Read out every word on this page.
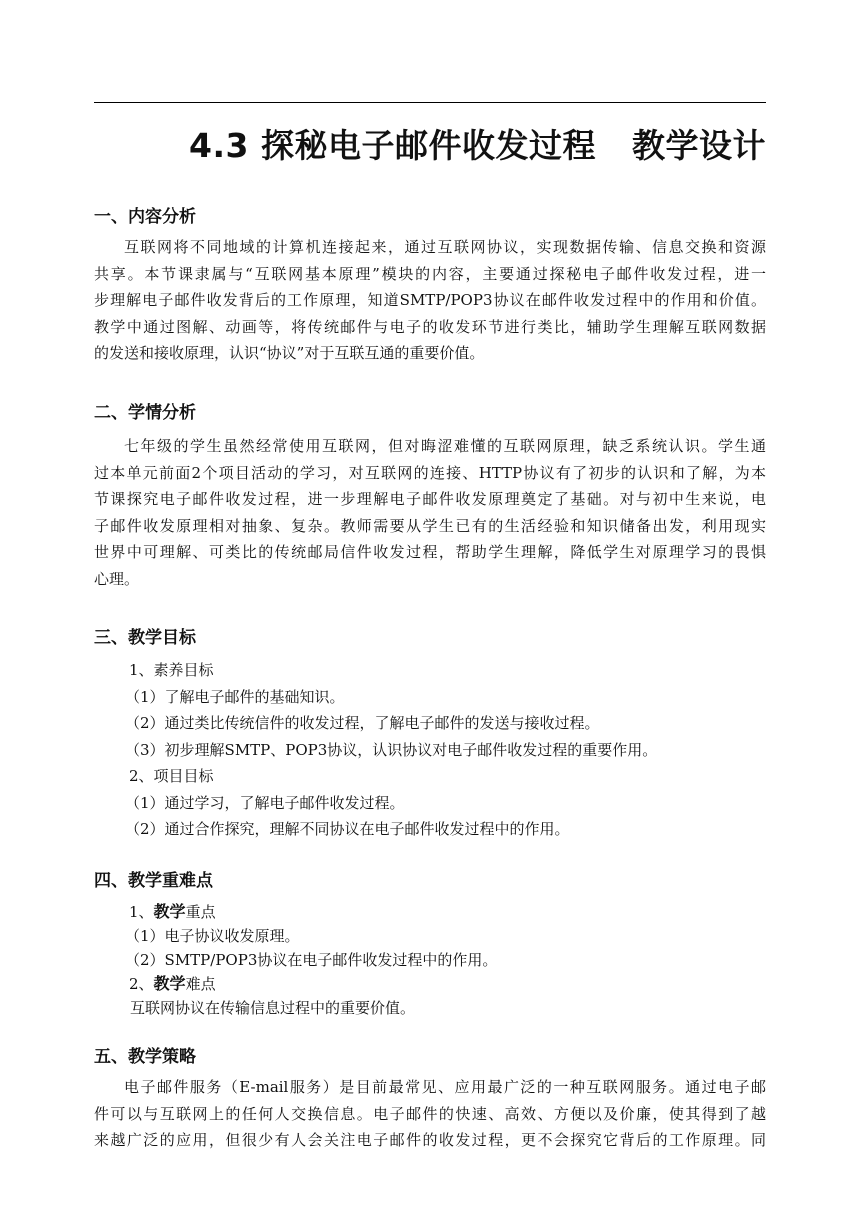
4.3 探秘电子邮件收发过程 教学设计
一、内容分析
互联网将不同地域的计算机连接起来，通过互联网协议，实现数据传输、信息交换和资源
共享。本节课隶属与“互联网基本原理”模块的内容，主要通过探秘电子邮件收发过程，进一
步理解电子邮件收发背后的工作原理，知道SMTP/POP3协议在邮件收发过程中的作用和价值。
教学中通过图解、动画等，将传统邮件与电子的收发环节进行类比，辅助学生理解互联网数据
的发送和接收原理，认识“协议”对于互联互通的重要价值。
二、学情分析
七年级的学生虽然经常使用互联网，但对晦涩难懂的互联网原理，缺乏系统认识。学生通
过本单元前面2个项目活动的学习，对互联网的连接、HTTP协议有了初步的认识和了解，为本
节课探究电子邮件收发过程，进一步理解电子邮件收发原理奠定了基础。对与初中生来说，电
子邮件收发原理相对抽象、复杂。教师需要从学生已有的生活经验和知识储备出发，利用现实
世界中可理解、可类比的传统邮局信件收发过程，帮助学生理解，降低学生对原理学习的畏惧
心理。
三、教学目标
1、素养目标
（1）了解电子邮件的基础知识。
（2）通过类比传统信件的收发过程，了解电子邮件的发送与接收过程。
（3）初步理解SMTP、POP3协议，认识协议对电子邮件收发过程的重要作用。
2、项目目标
（1）通过学习，了解电子邮件收发过程。
（2）通过合作探究，理解不同协议在电子邮件收发过程中的作用。
四、教学重难点
1、教学重点
（1）电子协议收发原理。
（2）SMTP/POP3协议在电子邮件收发过程中的作用。
2、教学难点
互联网协议在传输信息过程中的重要价值。
五、教学策略
电子邮件服务（E-mail服务）是目前最常见、应用最广泛的一种互联网服务。通过电子邮
件可以与互联网上的任何人交换信息。电子邮件的快速、高效、方便以及价廉，使其得到了越
来越广泛的应用，但很少有人会关注电子邮件的收发过程，更不会探究它背后的工作原理。同
